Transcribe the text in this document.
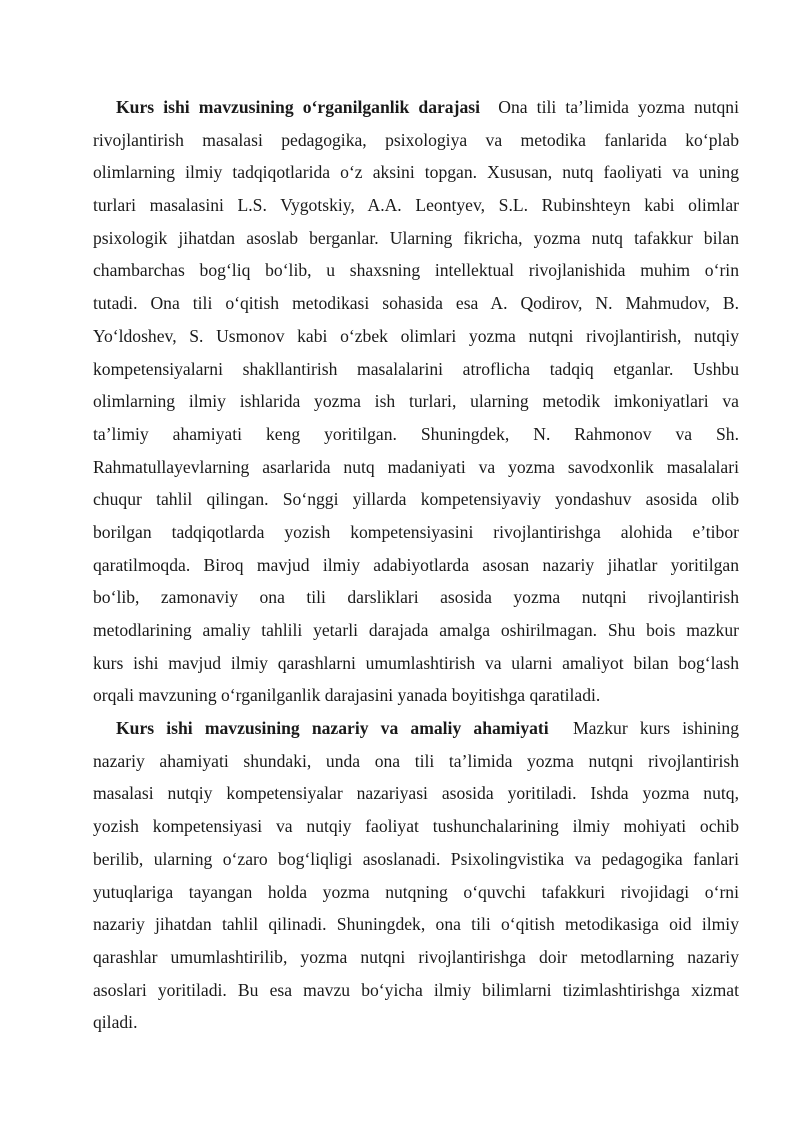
Kurs ishi mavzusining o‘rganilganlik darajasi Ona tili ta’limida yozma nutqni
rivojlantirish masalasi pedagogika, psixologiya va metodika fanlarida ko‘plab
olimlarning ilmiy tadqiqotlarida o‘z aksini topgan. Xususan, nutq faoliyati va uning
turlari masalasini L.S. Vygotskiy, A.A. Leontyev, S.L. Rubinshteyn kabi olimlar
psixologik jihatdan asoslab berganlar. Ularning fikricha, yozma nutq tafakkur bilan
chambarchas bog‘liq bo‘lib, u shaxsning intellektual rivojlanishida muhim o‘rin
tutadi. Ona tili o‘qitish metodikasi sohasida esa A. Qodirov, N. Mahmudov, B.
Yo‘ldoshev, S. Usmonov kabi o‘zbek olimlari yozma nutqni rivojlantirish, nutqiy
kompetensiyalarni shakllantirish masalalarini atroflicha tadqiq etganlar. Ushbu
olimlarning ilmiy ishlarida yozma ish turlari, ularning metodik imkoniyatlari va
ta’limiy ahamiyati keng yoritilgan. Shuningdek, N. Rahmonov va Sh.
Rahmatullayevlarning asarlarida nutq madaniyati va yozma savodxonlik masalalari
chuqur tahlil qilingan. So‘nggi yillarda kompetensiyaviy yondashuv asosida olib
borilgan tadqiqotlarda yozish kompetensiyasini rivojlantirishga alohida e’tibor
qaratilmoqda. Biroq mavjud ilmiy adabiyotlarda asosan nazariy jihatlar yoritilgan
bo‘lib, zamonaviy ona tili darsliklari asosida yozma nutqni rivojlantirish
metodlarining amaliy tahlili yetarli darajada amalga oshirilmagan. Shu bois mazkur
kurs ishi mavjud ilmiy qarashlarni umumlashtirish va ularni amaliyot bilan bog‘lash
orqali mavzuning o‘rganilganlik darajasini yanada boyitishga qaratiladi.
Kurs ishi mavzusining nazariy va amaliy ahamiyati Mazkur kurs ishining
nazariy ahamiyati shundaki, unda ona tili ta’limida yozma nutqni rivojlantirish
masalasi nutqiy kompetensiyalar nazariyasi asosida yoritiladi. Ishda yozma nutq,
yozish kompetensiyasi va nutqiy faoliyat tushunchalarining ilmiy mohiyati ochib
berilib, ularning o‘zaro bog‘liqligi asoslanadi. Psixolingvistika va pedagogika fanlari
yutuqlariga tayangan holda yozma nutqning o‘quvchi tafakkuri rivojidagi o‘rni
nazariy jihatdan tahlil qilinadi. Shuningdek, ona tili o‘qitish metodikasiga oid ilmiy
qarashlar umumlashtirilib, yozma nutqni rivojlantirishga doir metodlarning nazariy
asoslari yoritiladi. Bu esa mavzu bo‘yicha ilmiy bilimlarni tizimlashtirishga xizmat
qiladi.
